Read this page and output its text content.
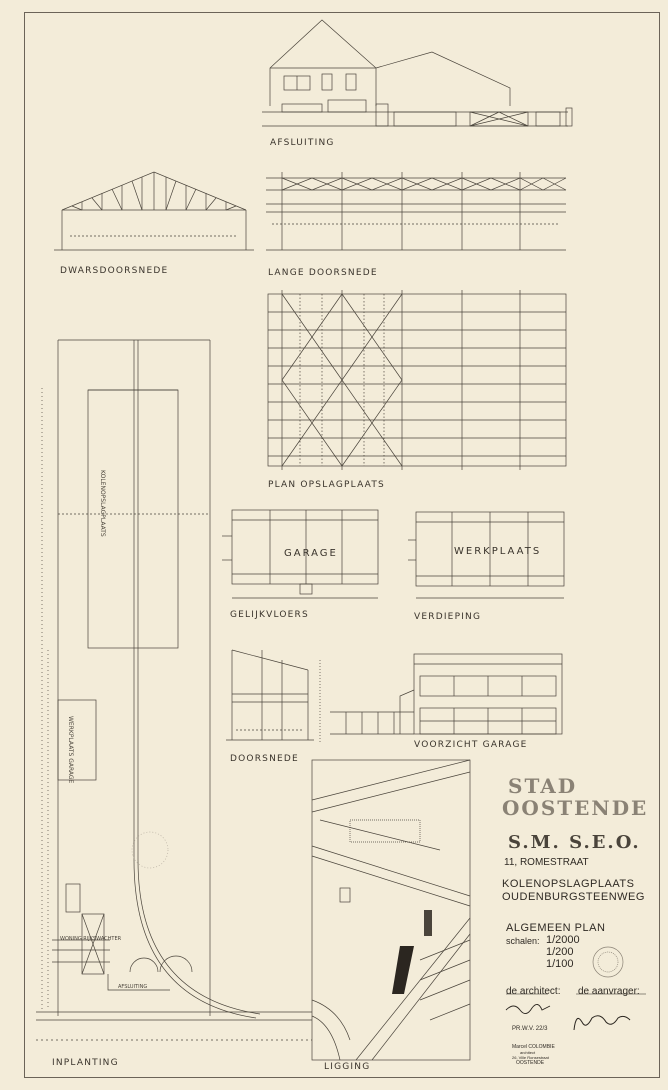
AFSLUITING
DWARSDOORSNEDE	LANGE DOORSNEDE
PLAN OPSLAGPLAATS
GELIJKVLOERS	VERDIEPING
DOORSNEDE
VOORZICHT GARAGE
INPLANTING	LIGGING
GARAGE	WERKPLAATS
KOLENOPSLAGPLAATS
WERKPLAATS GARAGE
WONING RIJKSWACHTER
AFSLUITING
STAD
OOSTENDE
S.M. S.E.O.
11, ROMESTRAAT
KOLENOPSLAGPLAATS
OUDENBURGSTEENWEG
ALGEMEEN PLAN
schalen: 1/2000
1/200
1/100
de architect: de aanvrager:
PR.W.V. 22/3
Marcel COLOMBIE
architect
26, Ville Ronsestraat
OOSTENDE
